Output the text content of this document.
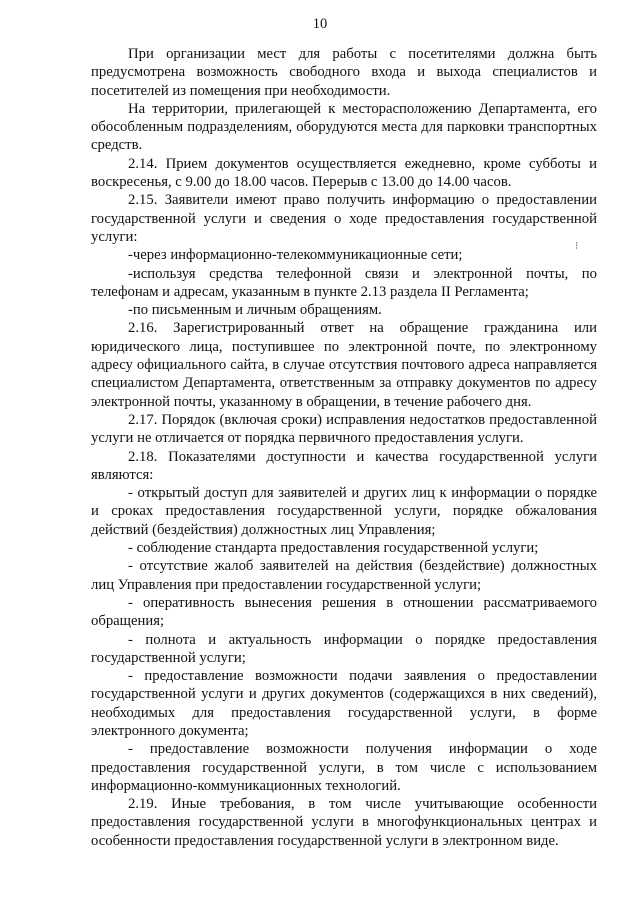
10
⁝

При организации мест для работы с посетителями должна быть предусмотрена возможность свободного входа и выхода специалистов и посетителей из помещения при необходимости.

На территории, прилегающей к месторасположению Департамента, его обособленным подразделениям, оборудуются места для парковки транспортных средств.

2.14. Прием документов осуществляется ежедневно, кроме субботы и воскресенья, с 9.00 до 18.00 часов. Перерыв с 13.00 до 14.00 часов.

2.15. Заявители имеют право получить информацию о предоставлении государственной услуги и сведения о ходе предоставления государственной услуги:

-через информационно-телекоммуникационные сети;

-используя средства телефонной связи и электронной почты, по телефонам и адресам, указанным в пункте 2.13 раздела II Регламента;

-по письменным и личным обращениям.

2.16. Зарегистрированный ответ на обращение гражданина или юридического лица, поступившее по электронной почте, по электронному адресу официального сайта, в случае отсутствия почтового адреса направляется специалистом Департамента, ответственным за отправку документов по адресу электронной почты, указанному в обращении, в течение рабочего дня.

2.17. Порядок (включая сроки) исправления недостатков предоставленной услуги не отличается от порядка первичного предоставления услуги.

2.18. Показателями доступности и качества государственной услуги являются:

- открытый доступ для заявителей и других лиц к информации о порядке и сроках предоставления государственной услуги, порядке обжалования действий (бездействия) должностных лиц Управления;

- соблюдение стандарта предоставления государственной услуги;

- отсутствие жалоб заявителей на действия (бездействие) должностных лиц Управления при предоставлении государственной услуги;

- оперативность вынесения решения в отношении рассматриваемого обращения;

- полнота и актуальность информации о порядке предоставления государственной услуги;

- предоставление возможности подачи заявления о предоставлении государственной услуги и других документов (содержащихся в них сведений), необходимых для предоставления государственной услуги, в форме электронного документа;

- предоставление возможности получения информации о ходе предоставления государственной услуги, в том числе с использованием информационно-коммуникационных технологий.

2.19. Иные требования, в том числе учитывающие особенности предоставления государственной услуги в многофункциональных центрах и особенности предоставления государственной услуги в электронном виде.
